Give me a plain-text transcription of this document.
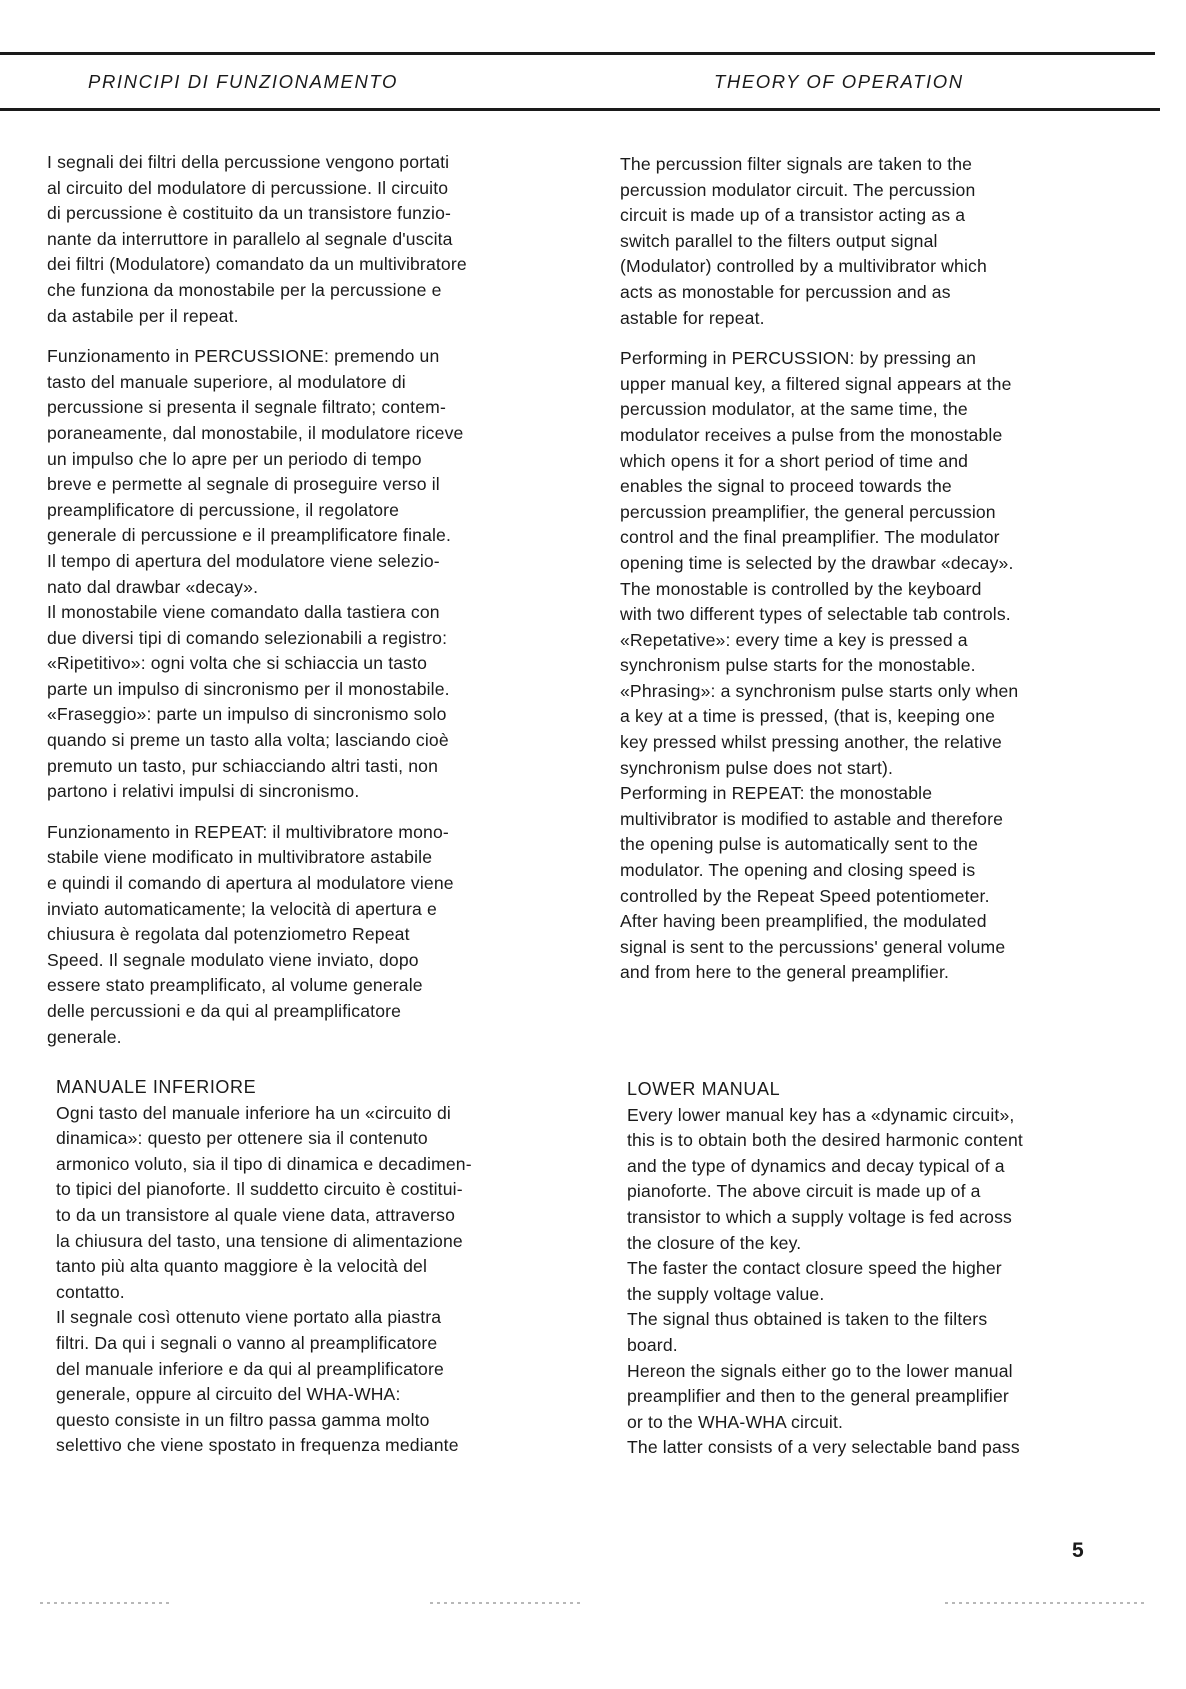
PRINCIPI DI FUNZIONAMENTO	THEORY OF OPERATION

I segnali dei filtri della percussione vengono portati
al circuito del modulatore di percussione. Il circuito
di percussione è costituito da un transistore funzio-
nante da interruttore in parallelo al segnale d'uscita
dei filtri (Modulatore) comandato da un multivibratore
che funziona da monostabile per la percussione e
da astabile per il repeat.

Funzionamento in PERCUSSIONE: premendo un
tasto del manuale superiore, al modulatore di
percussione si presenta il segnale filtrato; contem-
poraneamente, dal monostabile, il modulatore riceve
un impulso che lo apre per un periodo di tempo
breve e permette al segnale di proseguire verso il
preamplificatore di percussione, il regolatore
generale di percussione e il preamplificatore finale.
Il tempo di apertura del modulatore viene selezio-
nato dal drawbar «decay».
Il monostabile viene comandato dalla tastiera con
due diversi tipi di comando selezionabili a registro:
«Ripetitivo»: ogni volta che si schiaccia un tasto
parte un impulso di sincronismo per il monostabile.
«Fraseggio»: parte un impulso di sincronismo solo
quando si preme un tasto alla volta; lasciando cioè
premuto un tasto, pur schiacciando altri tasti, non
partono i relativi impulsi di sincronismo.

Funzionamento in REPEAT: il multivibratore mono-
stabile viene modificato in multivibratore astabile
e quindi il comando di apertura al modulatore viene
inviato automaticamente; la velocità di apertura e
chiusura è regolata dal potenziometro Repeat
Speed. Il segnale modulato viene inviato, dopo
essere stato preamplificato, al volume generale
delle percussioni e da qui al preamplificatore
generale.

The percussion filter signals are taken to the
percussion modulator circuit. The percussion
circuit is made up of a transistor acting as a
switch parallel to the filters output signal
(Modulator) controlled by a multivibrator which
acts as monostable for percussion and as
astable for repeat.

Performing in PERCUSSION: by pressing an
upper manual key, a filtered signal appears at the
percussion modulator, at the same time, the
modulator receives a pulse from the monostable
which opens it for a short period of time and
enables the signal to proceed towards the
percussion preamplifier, the general percussion
control and the final preamplifier. The modulator
opening time is selected by the drawbar «decay».
The monostable is controlled by the keyboard
with two different types of selectable tab controls.
«Repetative»: every time a key is pressed a
synchronism pulse starts for the monostable.
«Phrasing»: a synchronism pulse starts only when
a key at a time is pressed, (that is, keeping one
key pressed whilst pressing another, the relative
synchronism pulse does not start).
Performing in REPEAT: the monostable
multivibrator is modified to astable and therefore
the opening pulse is automatically sent to the
modulator. The opening and closing speed is
controlled by the Repeat Speed potentiometer.
After having been preamplified, the modulated
signal is sent to the percussions' general volume
and from here to the general preamplifier.

MANUALE INFERIORE

Ogni tasto del manuale inferiore ha un «circuito di
dinamica»: questo per ottenere sia il contenuto
armonico voluto, sia il tipo di dinamica e decadimen-
to tipici del pianoforte. Il suddetto circuito è costitui-
to da un transistore al quale viene data, attraverso
la chiusura del tasto, una tensione di alimentazione
tanto più alta quanto maggiore è la velocità del
contatto.
Il segnale così ottenuto viene portato alla piastra
filtri. Da qui i segnali o vanno al preamplificatore
del manuale inferiore e da qui al preamplificatore
generale, oppure al circuito del WHA-WHA:
questo consiste in un filtro passa gamma molto
selettivo che viene spostato in frequenza mediante

LOWER MANUAL

Every lower manual key has a «dynamic circuit»,
this is to obtain both the desired harmonic content
and the type of dynamics and decay typical of a
pianoforte. The above circuit is made up of a
transistor to which a supply voltage is fed across
the closure of the key.
The faster the contact closure speed the higher
the supply voltage value.
The signal thus obtained is taken to the filters
board.
Hereon the signals either go to the lower manual
preamplifier and then to the general preamplifier
or to the WHA-WHA circuit.
The latter consists of a very selectable band pass

5
